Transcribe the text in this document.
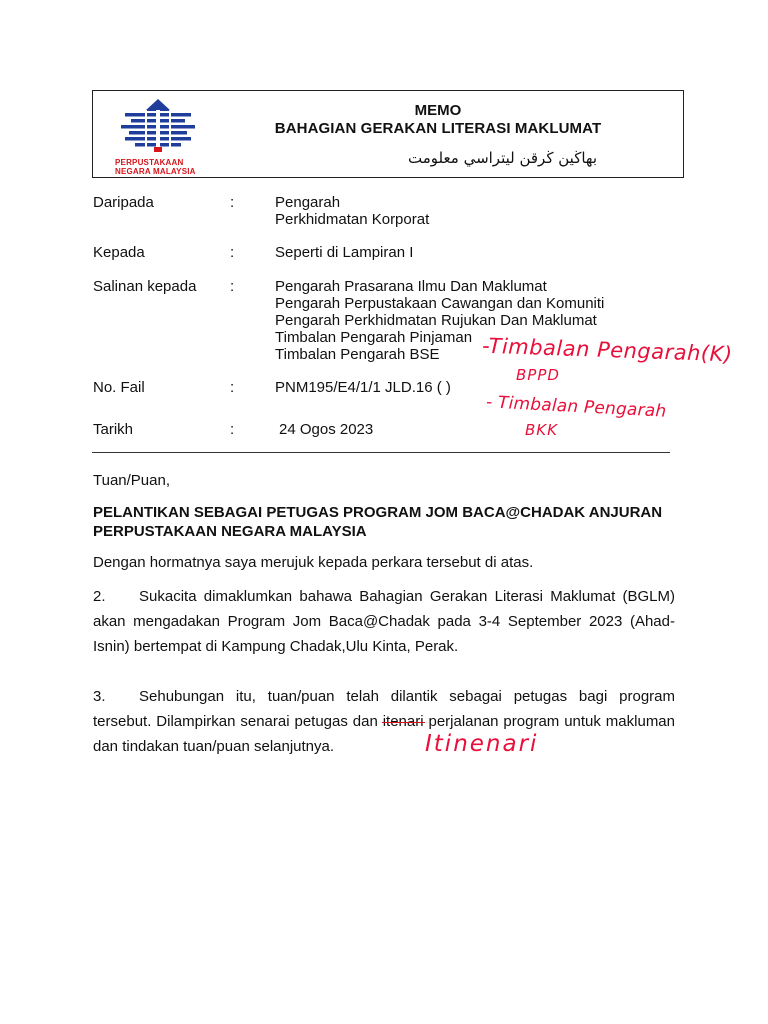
PERPUSTAKAAN
NEGARA MALAYSIA
MEMO
BAHAGIAN GERAKAN LITERASI MAKLUMAT
بهاڬين ڬرقن ليتراسي معلومت
Daripada	:	Pengarah
Perkhidmatan Korporat
Kepada	:	Seperti di Lampiran I
Salinan kepada :	Pengarah Prasarana Ilmu Dan Maklumat
Pengarah Perpustakaan Cawangan dan Komuniti
Pengarah Perkhidmatan Rujukan Dan Maklumat
Timbalan Pengarah Pinjaman
Timbalan Pengarah BSE
No. Fail	:	PNM195/E4/1/1 JLD.16 ( )
Tarikh	:	24 Ogos 2023
Tuan/Puan,
PELANTIKAN SEBAGAI PETUGAS PROGRAM JOM BACA@CHADAK ANJURAN
PERPUSTAKAAN NEGARA MALAYSIA
Dengan hormatnya saya merujuk kepada perkara tersebut di atas.
2. Sukacita dimaklumkan bahawa Bahagian Gerakan Literasi Maklumat (BGLM) akan mengadakan Program Jom Baca@Chadak pada 3-4 September 2023 (Ahad- Isnin) bertempat di Kampung Chadak,Ulu Kinta, Perak.
3. Sehubungan itu, tuan/puan telah dilantik sebagai petugas bagi program tersebut. Dilampirkan senarai petugas dan itenari perjalanan program untuk makluman dan tindakan tuan/puan selanjutnya.
-Timbalan Pengarah(K)
BPPD
- Timbalan Pengarah
BKK
Itinenari
